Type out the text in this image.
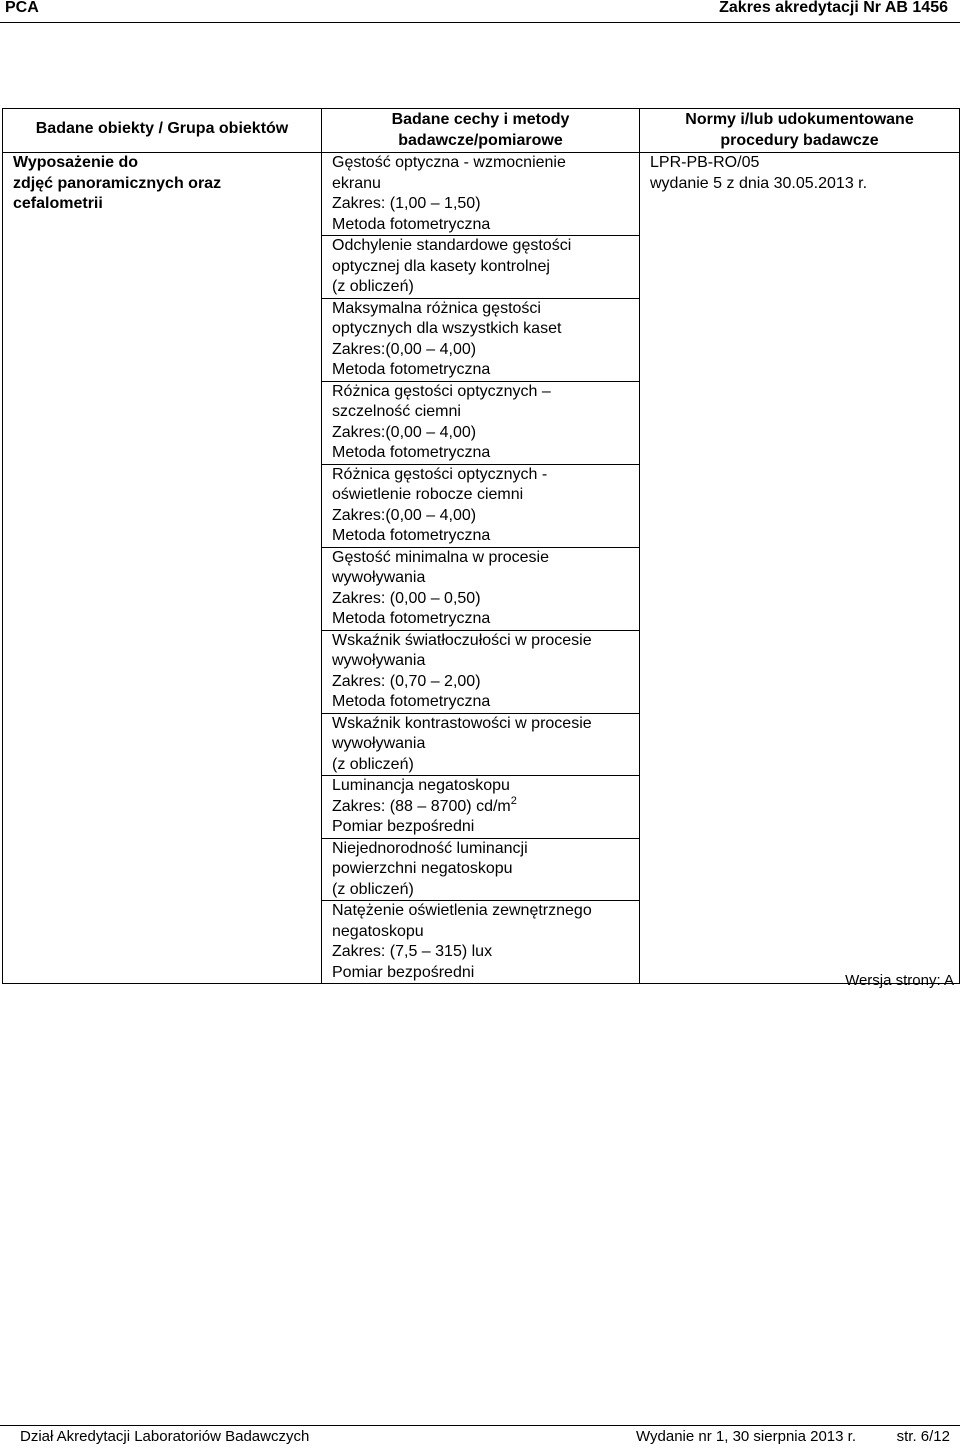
PCA	Zakres akredytacji Nr AB 1456
Badane obiekty / Grupa obiektów	Badane cechy i metody badawcze/pomiarowe	Normy i/lub udokumentowane procedury badawcze

Wyposażenie do
zdjęć panoramicznych oraz
cefalometrii	Gęstość optyczna - wzmocnienie
ekranu
Zakres: (1,00 – 1,50)
Metoda fotometryczna	LPR-PB-RO/05
wydanie 5 z dnia 30.05.2013 r.

	Odchylenie standardowe gęstości
optycznej dla kasety kontrolnej
(z obliczeń)	

	Maksymalna różnica gęstości
optycznych dla wszystkich kaset
Zakres:(0,00 – 4,00)
Metoda fotometryczna	

	Różnica gęstości optycznych –
szczelność ciemni
Zakres:(0,00 – 4,00)
Metoda fotometryczna	

	Różnica gęstości optycznych -
oświetlenie robocze ciemni
Zakres:(0,00 – 4,00)
Metoda fotometryczna	

	Gęstość minimalna w procesie
wywoływania
Zakres: (0,00 – 0,50)
Metoda fotometryczna	

	Wskaźnik światłoczułości w procesie
wywoływania
Zakres: (0,70 – 2,00)
Metoda fotometryczna	

	Wskaźnik kontrastowości w procesie
wywoływania
(z obliczeń)	

	Luminancja negatoskopu
Zakres: (88 – 8700) $cd/m^2$
Pomiar bezpośredni	

	Niejednorodność luminancji
powierzchni negatoskopu
(z obliczeń)	

	Natężenie oświetlenia zewnętrznego
negatoskopu
Zakres: (7,5 – 315) lux
Pomiar bezpośredni		Wersja strony: A
Dział Akredytacji Laboratoriów Badawczych	Wydanie nr 1, 30 sierpnia 2013 r.	str. 6/12
